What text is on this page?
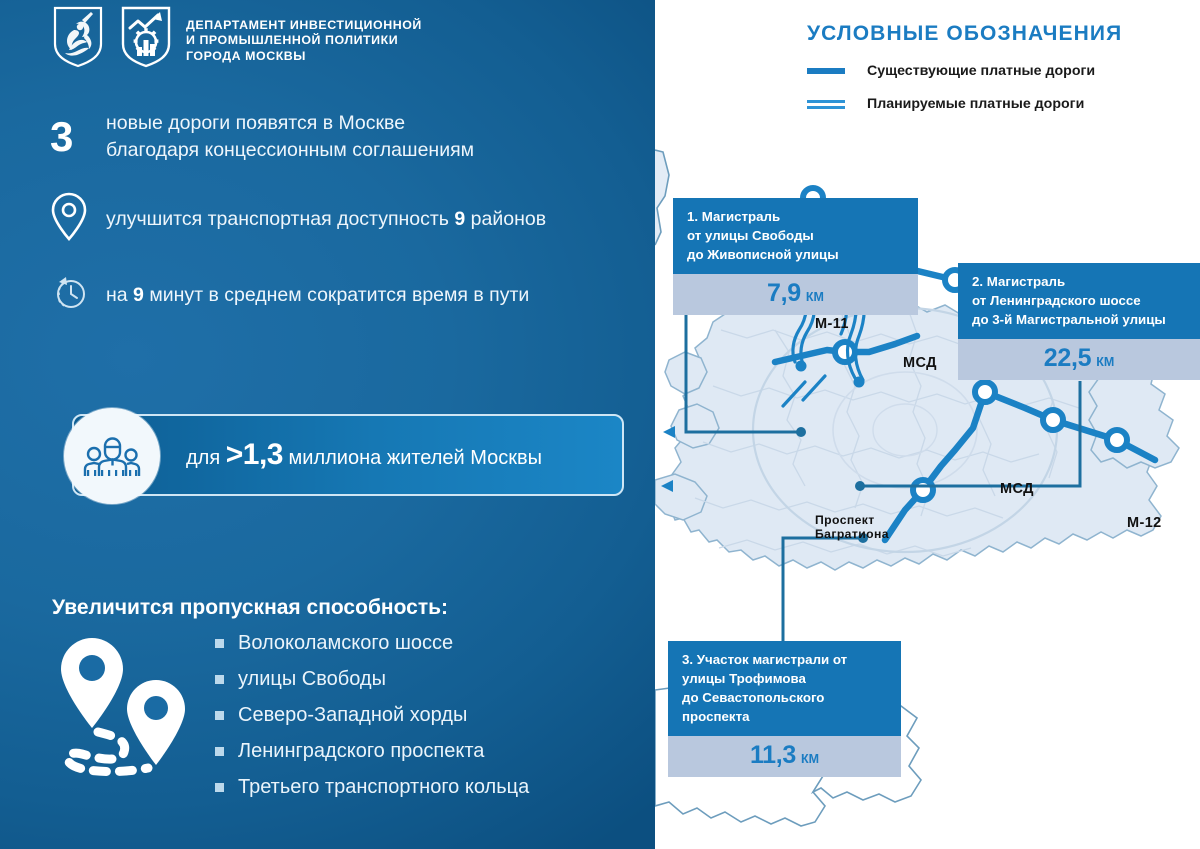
ДЕПАРТАМЕНТ ИНВЕСТИЦИОННОЙ
И ПРОМЫШЛЕННОЙ ПОЛИТИКИ
ГОРОДА МОСКВЫ
3 новые дороги появятся в Москве
благодаря концессионным соглашениям
улучшится транспортная доступность 9 районов
на 9 минут в среднем сократится время в пути
для >1,3 миллиона жителей Москвы
Увеличится пропускная способность:
Волоколамского шоссе
улицы Свободы
Северо-Западной хорды
Ленинградского проспекта
Третьего транспортного кольца
УСЛОВНЫЕ ОБОЗНАЧЕНИЯ
Существующие платные дороги
Планируемые платные дороги
М-11
МСД
МСД
М-12
Проспект
Багратиона
1. Магистраль
от улицы Свободы
до Живописной улицы
7,9 КМ
2. Магистраль
от Ленинградского шоссе
до 3-й Магистральной улицы
22,5 КМ
3. Участок магистрали от
улицы Трофимова
до Севастопольского
проспекта
11,3 КМ
